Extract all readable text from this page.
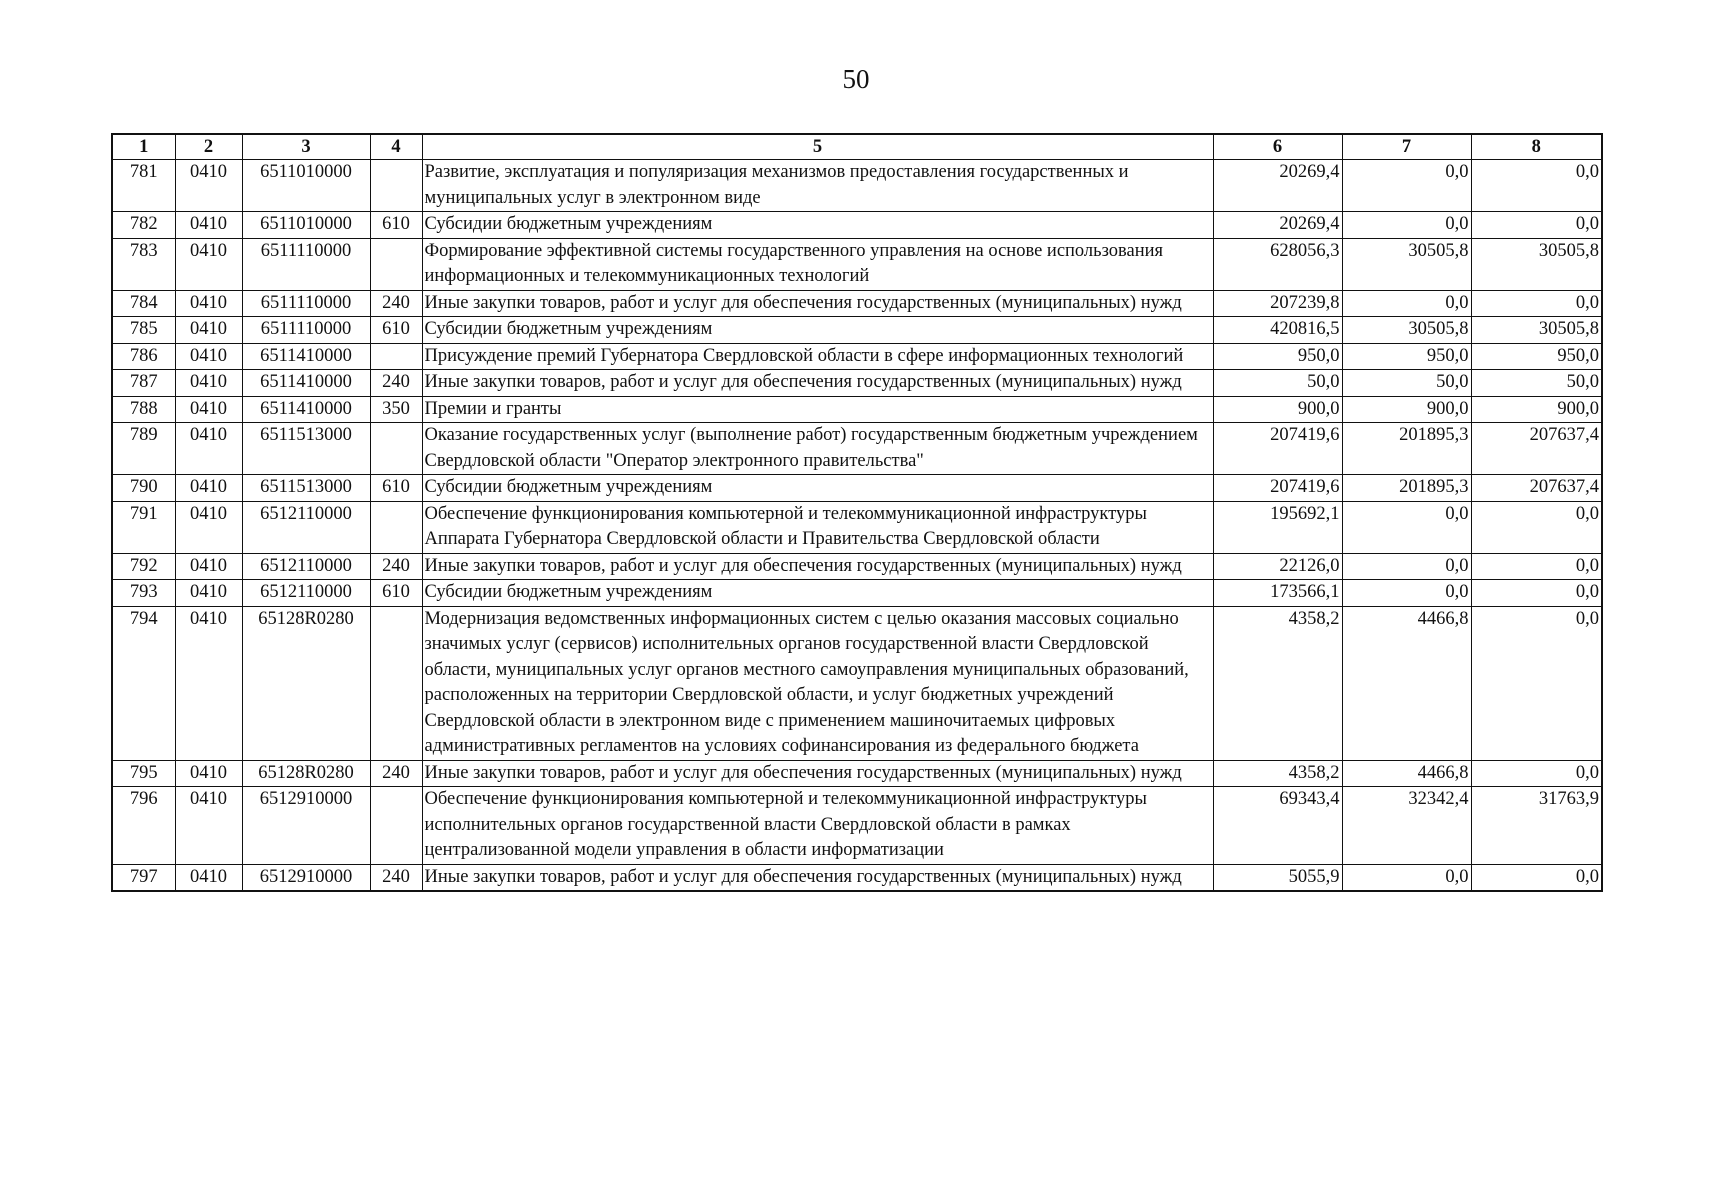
50
1	2	3	4	5	6	7	8
781	0410	6511010000		Развитие, эксплуатация и популяризация механизмов предоставления государственных и муниципальных услуг в электронном виде	20269,4	0,0	0,0
782	0410	6511010000	610	Субсидии бюджетным учреждениям	20269,4	0,0	0,0
783	0410	6511110000		Формирование эффективной системы государственного управления на основе использования информационных и телекоммуникационных технологий	628056,3	30505,8	30505,8
784	0410	6511110000	240	Иные закупки товаров, работ и услуг для обеспечения государственных (муниципальных) нужд	207239,8	0,0	0,0
785	0410	6511110000	610	Субсидии бюджетным учреждениям	420816,5	30505,8	30505,8
786	0410	6511410000		Присуждение премий Губернатора Свердловской области в сфере информационных технологий	950,0	950,0	950,0
787	0410	6511410000	240	Иные закупки товаров, работ и услуг для обеспечения государственных (муниципальных) нужд	50,0	50,0	50,0
788	0410	6511410000	350	Премии и гранты	900,0	900,0	900,0
789	0410	6511513000		Оказание государственных услуг (выполнение работ) государственным бюджетным учреждением Свердловской области "Оператор электронного правительства"	207419,6	201895,3	207637,4
790	0410	6511513000	610	Субсидии бюджетным учреждениям	207419,6	201895,3	207637,4
791	0410	6512110000		Обеспечение функционирования компьютерной и телекоммуникационной инфраструктуры Аппарата Губернатора Свердловской области и Правительства Свердловской области	195692,1	0,0	0,0
792	0410	6512110000	240	Иные закупки товаров, работ и услуг для обеспечения государственных (муниципальных) нужд	22126,0	0,0	0,0
793	0410	6512110000	610	Субсидии бюджетным учреждениям	173566,1	0,0	0,0
794	0410	65128R0280		Модернизация ведомственных информационных систем с целью оказания массовых социально значимых услуг (сервисов) исполнительных органов государственной власти Свердловской области, муниципальных услуг органов местного самоуправления муниципальных образований, расположенных на территории Свердловской области, и услуг бюджетных учреждений Свердловской области в электронном виде с применением машиночитаемых цифровых административных регламентов на условиях софинансирования из федерального бюджета	4358,2	4466,8	0,0
795	0410	65128R0280	240	Иные закупки товаров, работ и услуг для обеспечения государственных (муниципальных) нужд	4358,2	4466,8	0,0
796	0410	6512910000		Обеспечение функционирования компьютерной и телекоммуникационной инфраструктуры исполнительных органов государственной власти Свердловской области в рамках централизованной модели управления в области информатизации	69343,4	32342,4	31763,9
797	0410	6512910000	240	Иные закупки товаров, работ и услуг для обеспечения государственных (муниципальных) нужд	5055,9	0,0	0,0
